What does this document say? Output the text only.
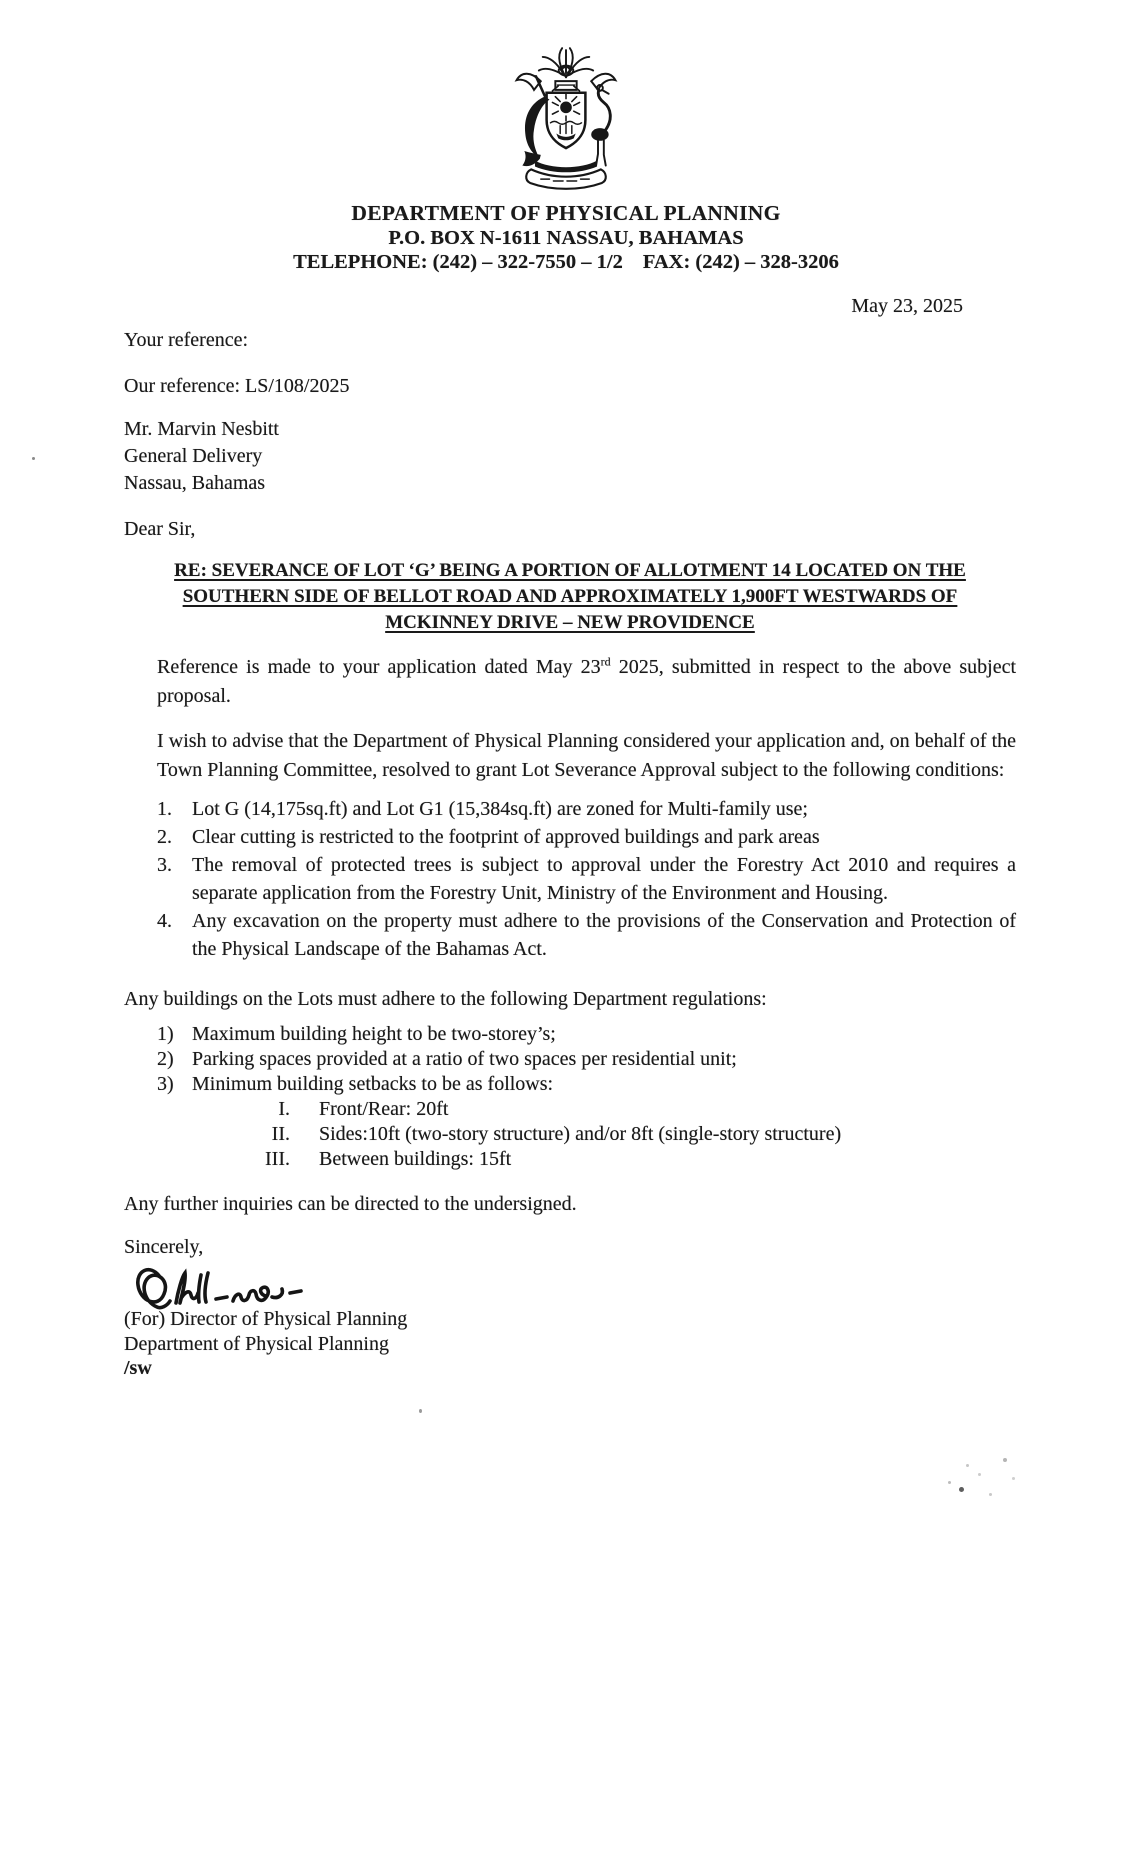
DEPARTMENT OF PHYSICAL PLANNING
P.O. BOX N-1611 NASSAU, BAHAMAS
TELEPHONE: (242) – 322-7550 – 1/2 FAX: (242) – 328-3206
May 23, 2025
Your reference:
Our reference: LS/108/2025
Mr. Marvin Nesbitt
General Delivery
Nassau, Bahamas
Dear Sir,
RE: SEVERANCE OF LOT ‘G’ BEING A PORTION OF ALLOTMENT 14 LOCATED ON THE
SOUTHERN SIDE OF BELLOT ROAD AND APPROXIMATELY 1,900FT WESTWARDS OF
MCKINNEY DRIVE – NEW PROVIDENCE
Reference is made to your application dated May 23rd 2025, submitted in respect to the above subject proposal.
I wish to advise that the Department of Physical Planning considered your application and, on behalf of the Town Planning Committee, resolved to grant Lot Severance Approval subject to the following conditions:
1.	Lot G (14,175sq.ft) and Lot G1 (15,384sq.ft) are zoned for Multi-family use;
2.	Clear cutting is restricted to the footprint of approved buildings and park areas
3.	The removal of protected trees is subject to approval under the Forestry Act 2010 and requires a separate application from the Forestry Unit, Ministry of the Environment and Housing.
4.	Any excavation on the property must adhere to the provisions of the Conservation and Protection of the Physical Landscape of the Bahamas Act.
Any buildings on the Lots must adhere to the following Department regulations:
1) Maximum building height to be two-storey’s;
2) Parking spaces provided at a ratio of two spaces per residential unit;
3) Minimum building setbacks to be as follows:
I. Front/Rear: 20ft
II. Sides:10ft (two-story structure) and/or 8ft (single-story structure)
III. Between buildings: 15ft
Any further inquiries can be directed to the undersigned.
Sincerely,
(For) Director of Physical Planning
Department of Physical Planning
/sw
